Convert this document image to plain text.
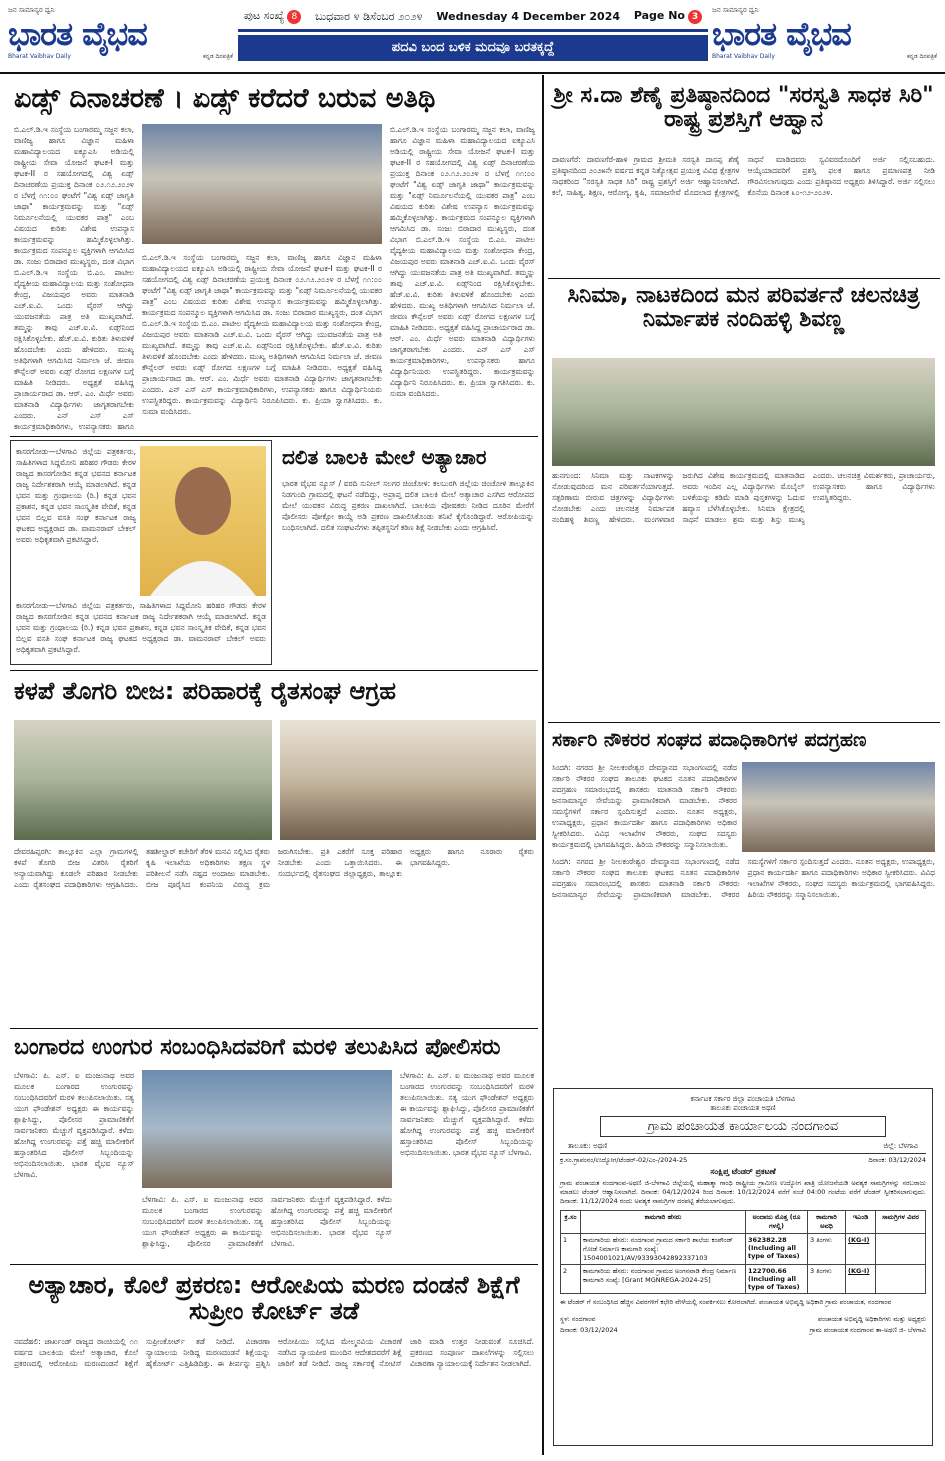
ಜನ ಸಾಮಾನ್ಯರ ಧ್ವನಿ
ಭಾರತ ವೈಭವ
Bharat Vaibhav Daily	ಕನ್ನಡ ದಿನಪತ್ರಿಕೆ
ಪುಟ ಸಂಖ್ಯೆ 8	ಬುಧವಾರ ೪ ಡಿಸೆಂಬರ ೨೦೨೪ Wednesday 4 December 2024 Page No 3
ಪದವಿ ಬಂದ ಬಳಿಕ ಮದವೂ ಬರತಕ್ಕದ್ದೆ
ಜನ ಸಾಮಾನ್ಯರ ಧ್ವನಿ
ಭಾರತ ವೈಭವ
Bharat Vaibhav Daily	ಕನ್ನಡ ದಿನಪತ್ರಿಕೆ
ಏಡ್ಸ್ ದಿನಾಚರಣೆ । ಏಡ್ಸ್ ಕರೆದರೆ ಬರುವ ಅತಿಥಿ
ಬಿ.ಎಲ್.ಡಿ.ಇ ಸಂಸ್ಥೆಯ ಬಂಗಾರಮ್ಮ ಸಜ್ಜನ ಕಲಾ, ವಾಣಿಜ್ಯ ಹಾಗೂ ವಿಜ್ಞಾನ ಮಹಿಳಾ ಮಹಾವಿದ್ಯಾಲಯದ ಐಕ್ಯೂಎಸಿ ಅಡಿಯಲ್ಲಿ ರಾಷ್ಟ್ರೀಯ ಸೇವಾ ಯೋಜನೆ ಘಟಕ-I ಮತ್ತು ಘಟಕ-II ರ ಸಹಯೋಗದಲ್ಲಿ ವಿಶ್ವ ಏಡ್ಸ್ ದಿನಾಚರಣೆಯ ಪ್ರಯುಕ್ತ ದಿನಾಂಕ ೦೨.೧೨.೨೦೨೪ ರ ಬೆಳಗ್ಗೆ ೧೧:೦೦ ಘಂಟೆಗೆ "ವಿಶ್ವ ಏಡ್ಸ್ ಜಾಗೃತಿ ಜಾಥಾ" ಕಾರ್ಯಕ್ರಮವನ್ನು ಮತ್ತು "ಏಡ್ಸ್ ನಿರ್ಮೂಲನೆಯಲ್ಲಿ ಯುವಕರ ಪಾತ್ರ" ಎಂಬ ವಿಷಯದ ಕುರಿತು ವಿಶೇಷ ಉಪನ್ಯಾಸ ಕಾರ್ಯಕ್ರಮವನ್ನು ಹಮ್ಮಿಕೊಳ್ಳಲಾಗಿತ್ತು. ಕಾರ್ಯಕ್ರಮದ ಸಂಪನ್ಮೂಲ ವ್ಯಕ್ತಿಗಳಾಗಿ ಆಗಮಿಸಿದ ಡಾ. ಸಂಜು ಬಿರಾದಾರ ಮುಖ್ಯಸ್ಥರು, ದಂತ ವಿಭಾಗ ಬಿ.ಎಲ್.ಡಿ.ಇ ಸಂಸ್ಥೆಯ ಬಿ.ಎಂ. ಪಾಟೀಲ ವೈದ್ಯಕೀಯ ಮಹಾವಿದ್ಯಾಲಯ ಮತ್ತು ಸಂಶೋಧನಾ ಕೇಂದ್ರ, ವಿಜಯಪುರ ಅವರು ಮಾತನಾಡಿ ಎಚ್.ಐ.ವಿ. ಒಂದು ವೈರಸ್ ಆಗಿದ್ದು ಯುವಜನತೆಯ ಪಾತ್ರ ಅತಿ ಮುಖ್ಯವಾಗಿದೆ. ತಮ್ಮನ್ನು ತಾವು ಎಚ್.ಐ.ವಿ. ಏಡ್ಸ್‌ನಿಂದ ರಕ್ಷಿಸಿಕೊಳ್ಳಬೇಕು. ಹೆಚ್.ಐ.ವಿ. ಕುರಿತು ತಿಳುವಳಿಕೆ ಹೊಂದಬೇಕು ಎಂದು ಹೇಳಿದರು. ಮುಖ್ಯ ಅತಿಥಿಗಳಾಗಿ ಆಗಮಿಸಿದ ನಿರ್ಮಲಾ ಜೆ. ಜೀವಣ ಕೌನ್ಸೆಲರ್ ಅವರು ಏಡ್ಸ್ ರೋಗದ ಲಕ್ಷಣಗಳ ಬಗ್ಗೆ ಮಾಹಿತಿ ನೀಡಿದರು. ಅಧ್ಯಕ್ಷತೆ ವಹಿಸಿದ್ದ ಪ್ರಾಚಾರ್ಯರಾದ ಡಾ. ಆರ್. ಎಂ. ಮಿರ್ಧೆ ಅವರು ಮಾತನಾಡಿ ವಿದ್ಯಾರ್ಥಿಗಳು ಜಾಗೃತರಾಗಬೇಕು ಎಂದರು. ಎನ್ ಎಸ್ ಎಸ್ ಕಾರ್ಯಕ್ರಮಾಧಿಕಾರಿಗಳು, ಉಪನ್ಯಾಸಕರು ಹಾಗೂ
ಬಿ.ಎಲ್.ಡಿ.ಇ ಸಂಸ್ಥೆಯ ಬಂಗಾರಮ್ಮ ಸಜ್ಜನ ಕಲಾ, ವಾಣಿಜ್ಯ ಹಾಗೂ ವಿಜ್ಞಾನ ಮಹಿಳಾ ಮಹಾವಿದ್ಯಾಲಯದ ಐಕ್ಯೂಎಸಿ ಅಡಿಯಲ್ಲಿ ರಾಷ್ಟ್ರೀಯ ಸೇವಾ ಯೋಜನೆ ಘಟಕ-I ಮತ್ತು ಘಟಕ-II ರ ಸಹಯೋಗದಲ್ಲಿ ವಿಶ್ವ ಏಡ್ಸ್ ದಿನಾಚರಣೆಯ ಪ್ರಯುಕ್ತ ದಿನಾಂಕ ೦೨.೧೨.೨೦೨೪ ರ ಬೆಳಗ್ಗೆ ೧೧:೦೦ ಘಂಟೆಗೆ "ವಿಶ್ವ ಏಡ್ಸ್ ಜಾಗೃತಿ ಜಾಥಾ" ಕಾರ್ಯಕ್ರಮವನ್ನು ಮತ್ತು "ಏಡ್ಸ್ ನಿರ್ಮೂಲನೆಯಲ್ಲಿ ಯುವಕರ ಪಾತ್ರ" ಎಂಬ ವಿಷಯದ ಕುರಿತು ವಿಶೇಷ ಉಪನ್ಯಾಸ ಕಾರ್ಯಕ್ರಮವನ್ನು ಹಮ್ಮಿಕೊಳ್ಳಲಾಗಿತ್ತು. ಕಾರ್ಯಕ್ರಮದ ಸಂಪನ್ಮೂಲ ವ್ಯಕ್ತಿಗಳಾಗಿ ಆಗಮಿಸಿದ ಡಾ. ಸಂಜು ಬಿರಾದಾರ ಮುಖ್ಯಸ್ಥರು, ದಂತ ವಿಭಾಗ ಬಿ.ಎಲ್.ಡಿ.ಇ ಸಂಸ್ಥೆಯ ಬಿ.ಎಂ. ಪಾಟೀಲ ವೈದ್ಯಕೀಯ ಮಹಾವಿದ್ಯಾಲಯ ಮತ್ತು ಸಂಶೋಧನಾ ಕೇಂದ್ರ, ವಿಜಯಪುರ ಅವರು ಮಾತನಾಡಿ ಎಚ್.ಐ.ವಿ. ಒಂದು ವೈರಸ್ ಆಗಿದ್ದು ಯುವಜನತೆಯ ಪಾತ್ರ ಅತಿ ಮುಖ್ಯವಾಗಿದೆ. ತಮ್ಮನ್ನು ತಾವು ಎಚ್.ಐ.ವಿ. ಏಡ್ಸ್‌ನಿಂದ ರಕ್ಷಿಸಿಕೊಳ್ಳಬೇಕು. ಹೆಚ್.ಐ.ವಿ. ಕುರಿತು ತಿಳುವಳಿಕೆ ಹೊಂದಬೇಕು ಎಂದು ಹೇಳಿದರು. ಮುಖ್ಯ ಅತಿಥಿಗಳಾಗಿ ಆಗಮಿಸಿದ ನಿರ್ಮಲಾ ಜೆ. ಜೀವಣ ಕೌನ್ಸೆಲರ್ ಅವರು ಏಡ್ಸ್ ರೋಗದ ಲಕ್ಷಣಗಳ ಬಗ್ಗೆ ಮಾಹಿತಿ ನೀಡಿದರು. ಅಧ್ಯಕ್ಷತೆ ವಹಿಸಿದ್ದ ಪ್ರಾಚಾರ್ಯರಾದ ಡಾ. ಆರ್. ಎಂ. ಮಿರ್ಧೆ ಅವರು ಮಾತನಾಡಿ ವಿದ್ಯಾರ್ಥಿಗಳು ಜಾಗೃತರಾಗಬೇಕು ಎಂದರು. ಎನ್ ಎಸ್ ಎಸ್ ಕಾರ್ಯಕ್ರಮಾಧಿಕಾರಿಗಳು, ಉಪನ್ಯಾಸಕರು ಹಾಗೂ ವಿದ್ಯಾರ್ಥಿನಿಯರು ಉಪಸ್ಥಿತರಿದ್ದರು. ಕಾರ್ಯಕ್ರಮವನ್ನು ವಿದ್ಯಾರ್ಥಿನಿ ನಿರೂಪಿಸಿದರು. ಕು. ಪ್ರಿಯಾ ಸ್ವಾಗತಿಸಿದರು. ಕು. ಸುಮಾ ವಂದಿಸಿದರು.
ಬಿ.ಎಲ್.ಡಿ.ಇ ಸಂಸ್ಥೆಯ ಬಂಗಾರಮ್ಮ ಸಜ್ಜನ ಕಲಾ, ವಾಣಿಜ್ಯ ಹಾಗೂ ವಿಜ್ಞಾನ ಮಹಿಳಾ ಮಹಾವಿದ್ಯಾಲಯದ ಐಕ್ಯೂಎಸಿ ಅಡಿಯಲ್ಲಿ ರಾಷ್ಟ್ರೀಯ ಸೇವಾ ಯೋಜನೆ ಘಟಕ-I ಮತ್ತು ಘಟಕ-II ರ ಸಹಯೋಗದಲ್ಲಿ ವಿಶ್ವ ಏಡ್ಸ್ ದಿನಾಚರಣೆಯ ಪ್ರಯುಕ್ತ ದಿನಾಂಕ ೦೨.೧೨.೨೦೨೪ ರ ಬೆಳಗ್ಗೆ ೧೧:೦೦ ಘಂಟೆಗೆ "ವಿಶ್ವ ಏಡ್ಸ್ ಜಾಗೃತಿ ಜಾಥಾ" ಕಾರ್ಯಕ್ರಮವನ್ನು ಮತ್ತು "ಏಡ್ಸ್ ನಿರ್ಮೂಲನೆಯಲ್ಲಿ ಯುವಕರ ಪಾತ್ರ" ಎಂಬ ವಿಷಯದ ಕುರಿತು ವಿಶೇಷ ಉಪನ್ಯಾಸ ಕಾರ್ಯಕ್ರಮವನ್ನು ಹಮ್ಮಿಕೊಳ್ಳಲಾಗಿತ್ತು. ಕಾರ್ಯಕ್ರಮದ ಸಂಪನ್ಮೂಲ ವ್ಯಕ್ತಿಗಳಾಗಿ ಆಗಮಿಸಿದ ಡಾ. ಸಂಜು ಬಿರಾದಾರ ಮುಖ್ಯಸ್ಥರು, ದಂತ ವಿಭಾಗ ಬಿ.ಎಲ್.ಡಿ.ಇ ಸಂಸ್ಥೆಯ ಬಿ.ಎಂ. ಪಾಟೀಲ ವೈದ್ಯಕೀಯ ಮಹಾವಿದ್ಯಾಲಯ ಮತ್ತು ಸಂಶೋಧನಾ ಕೇಂದ್ರ, ವಿಜಯಪುರ ಅವರು ಮಾತನಾಡಿ ಎಚ್.ಐ.ವಿ. ಒಂದು ವೈರಸ್ ಆಗಿದ್ದು ಯುವಜನತೆಯ ಪಾತ್ರ ಅತಿ ಮುಖ್ಯವಾಗಿದೆ. ತಮ್ಮನ್ನು ತಾವು ಎಚ್.ಐ.ವಿ. ಏಡ್ಸ್‌ನಿಂದ ರಕ್ಷಿಸಿಕೊಳ್ಳಬೇಕು. ಹೆಚ್.ಐ.ವಿ. ಕುರಿತು ತಿಳುವಳಿಕೆ ಹೊಂದಬೇಕು ಎಂದು ಹೇಳಿದರು. ಮುಖ್ಯ ಅತಿಥಿಗಳಾಗಿ ಆಗಮಿಸಿದ ನಿರ್ಮಲಾ ಜೆ. ಜೀವಣ ಕೌನ್ಸೆಲರ್ ಅವರು ಏಡ್ಸ್ ರೋಗದ ಲಕ್ಷಣಗಳ ಬಗ್ಗೆ ಮಾಹಿತಿ ನೀಡಿದರು. ಅಧ್ಯಕ್ಷತೆ ವಹಿಸಿದ್ದ ಪ್ರಾಚಾರ್ಯರಾದ ಡಾ. ಆರ್. ಎಂ. ಮಿರ್ಧೆ ಅವರು ಮಾತನಾಡಿ ವಿದ್ಯಾರ್ಥಿಗಳು ಜಾಗೃತರಾಗಬೇಕು ಎಂದರು. ಎನ್ ಎಸ್ ಎಸ್ ಕಾರ್ಯಕ್ರಮಾಧಿಕಾರಿಗಳು, ಉಪನ್ಯಾಸಕರು ಹಾಗೂ ವಿದ್ಯಾರ್ಥಿನಿಯರು ಉಪಸ್ಥಿತರಿದ್ದರು. ಕಾರ್ಯಕ್ರಮವನ್ನು ವಿದ್ಯಾರ್ಥಿನಿ ನಿರೂಪಿಸಿದರು. ಕು. ಪ್ರಿಯಾ ಸ್ವಾಗತಿಸಿದರು. ಕು. ಸುಮಾ ವಂದಿಸಿದರು.
ಕಾಸರಗೋಡು—ಬೆಳಗಾವಿ ಜಿಲ್ಲೆಯ ಪತ್ರಕರ್ತರು, ಸಾಹಿತಿಗಳಾದ ಸಿದ್ದಮೋನಿ ಹರಿಹರ ಗೌಡರು ಕೇರಳ ರಾಜ್ಯದ ಕಾಸರಗೋಡಿನ ಕನ್ನಡ ಭವನದ ಕರ್ನಾಟಕ ರಾಜ್ಯ ನಿರ್ದೇಶಕರಾಗಿ ಆಯ್ಕೆ ಮಾಡಲಾಗಿದೆ. ಕನ್ನಡ ಭವನ ಮತ್ತು ಗ್ರಂಥಾಲಯ (ರಿ.) ಕನ್ನಡ ಭವನ ಪ್ರಕಾಶನ, ಕನ್ನಡ ಭವನ ಸಾಂಸ್ಕೃತಿಕ ವೇದಿಕೆ, ಕನ್ನಡ ಭವನ ಬಿಲ್ಲವ ವಸತಿ ಸಂಘ ಕರ್ನಾಟಕ ರಾಜ್ಯ ಘಟಕದ ಅಧ್ಯಕ್ಷರಾದ ಡಾ. ವಾಮನರಾವ್ ಬೇಕಲ್ ಅವರು ಅಧಿಕೃತವಾಗಿ ಪ್ರಕಟಿಸಿದ್ದಾರೆ.
ಕಾಸರಗೋಡು—ಬೆಳಗಾವಿ ಜಿಲ್ಲೆಯ ಪತ್ರಕರ್ತರು, ಸಾಹಿತಿಗಳಾದ ಸಿದ್ದಮೋನಿ ಹರಿಹರ ಗೌಡರು ಕೇರಳ ರಾಜ್ಯದ ಕಾಸರಗೋಡಿನ ಕನ್ನಡ ಭವನದ ಕರ್ನಾಟಕ ರಾಜ್ಯ ನಿರ್ದೇಶಕರಾಗಿ ಆಯ್ಕೆ ಮಾಡಲಾಗಿದೆ. ಕನ್ನಡ ಭವನ ಮತ್ತು ಗ್ರಂಥಾಲಯ (ರಿ.) ಕನ್ನಡ ಭವನ ಪ್ರಕಾಶನ, ಕನ್ನಡ ಭವನ ಸಾಂಸ್ಕೃತಿಕ ವೇದಿಕೆ, ಕನ್ನಡ ಭವನ ಬಿಲ್ಲವ ವಸತಿ ಸಂಘ ಕರ್ನಾಟಕ ರಾಜ್ಯ ಘಟಕದ ಅಧ್ಯಕ್ಷರಾದ ಡಾ. ವಾಮನರಾವ್ ಬೇಕಲ್ ಅವರು ಅಧಿಕೃತವಾಗಿ ಪ್ರಕಟಿಸಿದ್ದಾರೆ.
ದಲಿತ ಬಾಲಕಿ ಮೇಲೆ ಅತ್ಯಾಚಾರ
ಭಾರತ ವೈಭವ ನ್ಯೂಸ್ / ವರದಿ ಸುನೀಲ್ ಸಲಗರ ಚಿಂಚೋಳಿ: ಕಲಬುರಗಿ ಜಿಲ್ಲೆಯ ಚಿಂಚೋಳಿ ತಾಲ್ಲೂಕಿನ ನಿಡಗುಂದಿ ಗ್ರಾಮದಲ್ಲಿ ಘಟನೆ ನಡೆದಿದ್ದು, ಅಪ್ರಾಪ್ತ ದಲಿತ ಬಾಲಕಿ ಮೇಲೆ ಅತ್ಯಾಚಾರ ಎಸಗಿದ ಆರೋಪದ ಮೇಲೆ ಯುವಕನ ವಿರುದ್ಧ ಪ್ರಕರಣ ದಾಖಲಾಗಿದೆ. ಬಾಲಕಿಯ ಪೋಷಕರು ನೀಡಿದ ದೂರಿನ ಮೇರೆಗೆ ಪೊಲೀಸರು ಪೋಕ್ಸೋ ಕಾಯ್ದೆ ಅಡಿ ಪ್ರಕರಣ ದಾಖಲಿಸಿಕೊಂಡು ತನಿಖೆ ಕೈಗೊಂಡಿದ್ದಾರೆ. ಆರೋಪಿಯನ್ನು ಬಂಧಿಸಲಾಗಿದೆ. ದಲಿತ ಸಂಘಟನೆಗಳು ತಪ್ಪಿತಸ್ಥನಿಗೆ ಕಠಿಣ ಶಿಕ್ಷೆ ನೀಡಬೇಕು ಎಂದು ಆಗ್ರಹಿಸಿವೆ.
ಕಳಪೆ ತೊಗರಿ ಬೀಜ: ಪರಿಹಾರಕ್ಕೆ ರೈತಸಂಘ ಆಗ್ರಹ
ದೇವರಹಿಪ್ಪರಗಿ: ತಾಲ್ಲೂಕಿನ ಎಲ್ಲಾ ಗ್ರಾಮಗಳಲ್ಲಿ ಕಳಪೆ ತೊಗರಿ ಬೀಜ ವಿತರಿಸಿ ರೈತರಿಗೆ ಅನ್ಯಾಯವಾಗಿದ್ದು ಕೂಡಲೇ ಪರಿಹಾರ ನೀಡಬೇಕು ಎಂದು ರೈತಸಂಘದ ಪದಾಧಿಕಾರಿಗಳು ಆಗ್ರಹಿಸಿದರು. ತಹಶೀಲ್ದಾರ್ ಕಚೇರಿಗೆ ತೆರಳಿ ಮನವಿ ಸಲ್ಲಿಸಿದ ರೈತರು ಕೃಷಿ ಇಲಾಖೆಯ ಅಧಿಕಾರಿಗಳು ತಕ್ಷಣ ಸ್ಥಳ ಪರಿಶೀಲನೆ ನಡೆಸಿ ನಷ್ಟದ ಅಂದಾಜು ಮಾಡಬೇಕು. ಬೀಜ ಪೂರೈಸಿದ ಕಂಪನಿಯ ವಿರುದ್ಧ ಕ್ರಮ ಜರುಗಿಸಬೇಕು. ಪ್ರತಿ ಎಕರೆಗೆ ಸೂಕ್ತ ಪರಿಹಾರ ನೀಡಬೇಕು ಎಂದು ಒತ್ತಾಯಿಸಿದರು. ಈ ಸಂದರ್ಭದಲ್ಲಿ ರೈತಸಂಘದ ಜಿಲ್ಲಾಧ್ಯಕ್ಷರು, ತಾಲ್ಲೂಕು ಅಧ್ಯಕ್ಷರು ಹಾಗೂ ನೂರಾರು ರೈತರು ಭಾಗವಹಿಸಿದ್ದರು.
ಬಂಗಾರದ ಉಂಗುರ ಸಂಬಂಧಿಸಿದವರಿಗೆ ಮರಳಿ ತಲುಪಿಸಿದ ಪೋಲಿಸರು
ಬೆಳಗಾವಿ: ಪಿ. ಎಸ್. ಐ ಮಂಜುನಾಥ ಅವರ ಮೂಲಕ ಬಂಗಾರದ ಉಂಗುರವನ್ನು ಸಂಬಂಧಿಸಿದವರಿಗೆ ಮರಳಿ ತಲುಪಿಸಲಾಯಿತು. ಸತ್ಯ ಯುಗ ಫೌಂಡೇಶನ್ ಅಧ್ಯಕ್ಷರು ಈ ಕಾರ್ಯವನ್ನು ಶ್ಲಾಘಿಸಿದ್ದು, ಪೊಲೀಸರ ಪ್ರಾಮಾಣಿಕತೆಗೆ ಸಾರ್ವಜನಿಕರು ಮೆಚ್ಚುಗೆ ವ್ಯಕ್ತಪಡಿಸಿದ್ದಾರೆ. ಕಳೆದು ಹೋಗಿದ್ದ ಉಂಗುರವನ್ನು ಪತ್ತೆ ಹಚ್ಚಿ ಮಾಲೀಕರಿಗೆ ಹಸ್ತಾಂತರಿಸಿದ ಪೊಲೀಸ್ ಸಿಬ್ಬಂದಿಯನ್ನು ಅಭಿನಂದಿಸಲಾಯಿತು. ಭಾರತ ವೈಭವ ನ್ಯೂಸ್ ಬೆಳಗಾವಿ.
ಬೆಳಗಾವಿ: ಪಿ. ಎಸ್. ಐ ಮಂಜುನಾಥ ಅವರ ಮೂಲಕ ಬಂಗಾರದ ಉಂಗುರವನ್ನು ಸಂಬಂಧಿಸಿದವರಿಗೆ ಮರಳಿ ತಲುಪಿಸಲಾಯಿತು. ಸತ್ಯ ಯುಗ ಫೌಂಡೇಶನ್ ಅಧ್ಯಕ್ಷರು ಈ ಕಾರ್ಯವನ್ನು ಶ್ಲಾಘಿಸಿದ್ದು, ಪೊಲೀಸರ ಪ್ರಾಮಾಣಿಕತೆಗೆ ಸಾರ್ವಜನಿಕರು ಮೆಚ್ಚುಗೆ ವ್ಯಕ್ತಪಡಿಸಿದ್ದಾರೆ. ಕಳೆದು ಹೋಗಿದ್ದ ಉಂಗುರವನ್ನು ಪತ್ತೆ ಹಚ್ಚಿ ಮಾಲೀಕರಿಗೆ ಹಸ್ತಾಂತರಿಸಿದ ಪೊಲೀಸ್ ಸಿಬ್ಬಂದಿಯನ್ನು ಅಭಿನಂದಿಸಲಾಯಿತು. ಭಾರತ ವೈಭವ ನ್ಯೂಸ್ ಬೆಳಗಾವಿ.
ಬೆಳಗಾವಿ: ಪಿ. ಎಸ್. ಐ ಮಂಜುನಾಥ ಅವರ ಮೂಲಕ ಬಂಗಾರದ ಉಂಗುರವನ್ನು ಸಂಬಂಧಿಸಿದವರಿಗೆ ಮರಳಿ ತಲುಪಿಸಲಾಯಿತು. ಸತ್ಯ ಯುಗ ಫೌಂಡೇಶನ್ ಅಧ್ಯಕ್ಷರು ಈ ಕಾರ್ಯವನ್ನು ಶ್ಲಾಘಿಸಿದ್ದು, ಪೊಲೀಸರ ಪ್ರಾಮಾಣಿಕತೆಗೆ ಸಾರ್ವಜನಿಕರು ಮೆಚ್ಚುಗೆ ವ್ಯಕ್ತಪಡಿಸಿದ್ದಾರೆ. ಕಳೆದು ಹೋಗಿದ್ದ ಉಂಗುರವನ್ನು ಪತ್ತೆ ಹಚ್ಚಿ ಮಾಲೀಕರಿಗೆ ಹಸ್ತಾಂತರಿಸಿದ ಪೊಲೀಸ್ ಸಿಬ್ಬಂದಿಯನ್ನು ಅಭಿನಂದಿಸಲಾಯಿತು. ಭಾರತ ವೈಭವ ನ್ಯೂಸ್ ಬೆಳಗಾವಿ.
ಅತ್ಯಾಚಾರ, ಕೊಲೆ ಪ್ರಕರಣ: ಆರೋಪಿಯ ಮರಣ ದಂಡನೆ ಶಿಕ್ಷೆಗೆ ಸುಪ್ರೀಂ ಕೋರ್ಟ್ ತಡೆ
ನವದೆಹಲಿ: ಜಾರ್ಖಂಡ್ ರಾಜ್ಯದ ರಾಂಚಿಯಲ್ಲಿ ೧೧ ವರ್ಷದ ಬಾಲಕಿಯ ಮೇಲೆ ಅತ್ಯಾಚಾರ, ಕೊಲೆ ಪ್ರಕರಣದಲ್ಲಿ ಆರೋಪಿಯ ಮರಣದಂಡನೆ ಶಿಕ್ಷೆಗೆ ಸುಪ್ರೀಂಕೋರ್ಟ್ ತಡೆ ನೀಡಿದೆ. ವಿಚಾರಣಾ ನ್ಯಾಯಾಲಯ ನೀಡಿದ್ದ ಮರಣದಂಡನೆ ಶಿಕ್ಷೆಯನ್ನು ಹೈಕೋರ್ಟ್ ಎತ್ತಿಹಿಡಿದಿತ್ತು. ಈ ತೀರ್ಪನ್ನು ಪ್ರಶ್ನಿಸಿ ಆರೋಪಿಯು ಸಲ್ಲಿಸಿದ ಮೇಲ್ಮನವಿಯ ವಿಚಾರಣೆ ನಡೆಸಿದ ನ್ಯಾಯಪೀಠ ಮುಂದಿನ ಆದೇಶದವರೆಗೆ ಶಿಕ್ಷೆ ಜಾರಿಗೆ ತಡೆ ನೀಡಿದೆ. ರಾಜ್ಯ ಸರ್ಕಾರಕ್ಕೆ ನೋಟಿಸ್ ಜಾರಿ ಮಾಡಿ ಉತ್ತರ ನೀಡುವಂತೆ ಸೂಚಿಸಿದೆ. ಪ್ರಕರಣದ ಸಂಪೂರ್ಣ ದಾಖಲೆಗಳನ್ನು ಸಲ್ಲಿಸಲು ವಿಚಾರಣಾ ನ್ಯಾಯಾಲಯಕ್ಕೆ ನಿರ್ದೇಶನ ನೀಡಲಾಗಿದೆ.
ಶ್ರೀ ಸ.ದಾ ಶೆಣೈ ಪ್ರತಿಷ್ಠಾನದಿಂದ "ಸರಸ್ವತಿ ಸಾಧಕ ಸಿರಿ" ರಾಷ್ಟ್ರ ಪ್ರಶಸ್ತಿಗೆ ಆಹ್ವಾನ
ದಾವಣಗೆರೆ: ದಾವಣಗೆರೆ-ಹಾಳಿ ಗ್ರಾಮದ ಶ್ರೀಮತಿ ಸರಸ್ವತಿ ದಾಸಪ್ಪ ಶೆಣೈ ಪ್ರತಿಷ್ಠಾನದಿಂದ ೨೦೨೫ನೇ ವರ್ಷದ ಕನ್ನಡ ನಿತ್ಯೋತ್ಸವ ಪ್ರಯುಕ್ತ ವಿವಿಧ ಕ್ಷೇತ್ರಗಳ ಸಾಧಕರಿಂದ "ಸರಸ್ವತಿ ಸಾಧಕ ಸಿರಿ" ರಾಷ್ಟ್ರ ಪ್ರಶಸ್ತಿಗೆ ಅರ್ಜಿ ಆಹ್ವಾನಿಸಲಾಗಿದೆ. ಕಲೆ, ಸಾಹಿತ್ಯ, ಶಿಕ್ಷಣ, ಆರೋಗ್ಯ, ಕೃಷಿ, ಸಮಾಜಸೇವೆ ಮೊದಲಾದ ಕ್ಷೇತ್ರಗಳಲ್ಲಿ ಸಾಧನೆ ಮಾಡಿದವರು ಸ್ವವಿವರದೊಂದಿಗೆ ಅರ್ಜಿ ಸಲ್ಲಿಸಬಹುದು. ಆಯ್ಕೆಯಾದವರಿಗೆ ಪ್ರಶಸ್ತಿ ಫಲಕ ಹಾಗೂ ಪ್ರಮಾಣಪತ್ರ ನೀಡಿ ಗೌರವಿಸಲಾಗುವುದು ಎಂದು ಪ್ರತಿಷ್ಠಾನದ ಅಧ್ಯಕ್ಷರು ತಿಳಿಸಿದ್ದಾರೆ. ಅರ್ಜಿ ಸಲ್ಲಿಸಲು ಕೊನೆಯ ದಿನಾಂಕ ೩೦-೧೨-೨೦೨೪.
ಸಿನಿಮಾ, ನಾಟಕದಿಂದ ಮನ ಪರಿವರ್ತನೆ ಚಲನಚಿತ್ರ ನಿರ್ಮಾಪಕ ನಂದಿಹಳ್ಳಿ ಶಿವಣ್ಣ
ಹುನಗುಂದ: ಸಿನಿಮಾ ಮತ್ತು ನಾಟಕಗಳನ್ನು ನೋಡುವುದರಿಂದ ಮನ ಪರಿವರ್ತನೆಯಾಗುತ್ತದೆ. ಸತ್ಪರಿಣಾಮ ಬೀರುವ ಚಿತ್ರಗಳನ್ನು ವಿದ್ಯಾರ್ಥಿಗಳು ನೋಡಬೇಕು ಎಂದು ಚಲನಚಿತ್ರ ನಿರ್ಮಾಪಕ ನಂದಿಹಳ್ಳಿ ಶಿವಣ್ಣ ಹೇಳಿದರು. ಮಂಗಳವಾರ ಜರುಗಿದ ವಿಶೇಷ ಕಾರ್ಯಕ್ರಮದಲ್ಲಿ ಮಾತನಾಡಿದ ಅವರು ಇಂದಿನ ಎಲ್ಲ ವಿದ್ಯಾರ್ಥಿಗಳು ಮೊಬೈಲ್ ಬಳಕೆಯನ್ನು ಕಡಿಮೆ ಮಾಡಿ ಪುಸ್ತಕಗಳನ್ನು ಓದುವ ಹವ್ಯಾಸ ಬೆಳೆಸಿಕೊಳ್ಳಬೇಕು. ಸಿನಿಮಾ ಕ್ಷೇತ್ರದಲ್ಲಿ ಸಾಧನೆ ಮಾಡಲು ಶ್ರಮ ಮತ್ತು ಶಿಸ್ತು ಮುಖ್ಯ ಎಂದರು. ಚಲನಚಿತ್ರ ವಿಮರ್ಶಕರು, ಪ್ರಾಚಾರ್ಯರು, ಉಪನ್ಯಾಸಕರು ಹಾಗೂ ವಿದ್ಯಾರ್ಥಿಗಳು ಉಪಸ್ಥಿತರಿದ್ದರು.
ಸರ್ಕಾರಿ ನೌಕರರ ಸಂಘದ ಪದಾಧಿಕಾರಿಗಳ ಪದಗ್ರಹಣ
ಸಿಂದಗಿ: ನಗರದ ಶ್ರೀ ನೀಲಕಂಠೇಶ್ವರ ದೇವಸ್ಥಾನದ ಸಭಾಂಗಣದಲ್ಲಿ ನಡೆದ ಸರ್ಕಾರಿ ನೌಕರರ ಸಂಘದ ತಾಲೂಕು ಘಟಕದ ನೂತನ ಪದಾಧಿಕಾರಿಗಳ ಪದಗ್ರಹಣ ಸಮಾರಂಭದಲ್ಲಿ ಶಾಸಕರು ಮಾತನಾಡಿ ಸರ್ಕಾರಿ ನೌಕರರು ಜನಸಾಮಾನ್ಯರ ಸೇವೆಯನ್ನು ಪ್ರಾಮಾಣಿಕವಾಗಿ ಮಾಡಬೇಕು. ನೌಕರರ ಸಮಸ್ಯೆಗಳಿಗೆ ಸರ್ಕಾರ ಸ್ಪಂದಿಸುತ್ತದೆ ಎಂದರು. ನೂತನ ಅಧ್ಯಕ್ಷರು, ಉಪಾಧ್ಯಕ್ಷರು, ಪ್ರಧಾನ ಕಾರ್ಯದರ್ಶಿ ಹಾಗೂ ಪದಾಧಿಕಾರಿಗಳು ಅಧಿಕಾರ ಸ್ವೀಕರಿಸಿದರು. ವಿವಿಧ ಇಲಾಖೆಗಳ ನೌಕರರು, ಸಂಘದ ಸದಸ್ಯರು ಕಾರ್ಯಕ್ರಮದಲ್ಲಿ ಭಾಗವಹಿಸಿದ್ದರು. ಹಿರಿಯ ನೌಕರರನ್ನು ಸನ್ಮಾನಿಸಲಾಯಿತು.
ಸಿಂದಗಿ: ನಗರದ ಶ್ರೀ ನೀಲಕಂಠೇಶ್ವರ ದೇವಸ್ಥಾನದ ಸಭಾಂಗಣದಲ್ಲಿ ನಡೆದ ಸರ್ಕಾರಿ ನೌಕರರ ಸಂಘದ ತಾಲೂಕು ಘಟಕದ ನೂತನ ಪದಾಧಿಕಾರಿಗಳ ಪದಗ್ರಹಣ ಸಮಾರಂಭದಲ್ಲಿ ಶಾಸಕರು ಮಾತನಾಡಿ ಸರ್ಕಾರಿ ನೌಕರರು ಜನಸಾಮಾನ್ಯರ ಸೇವೆಯನ್ನು ಪ್ರಾಮಾಣಿಕವಾಗಿ ಮಾಡಬೇಕು. ನೌಕರರ ಸಮಸ್ಯೆಗಳಿಗೆ ಸರ್ಕಾರ ಸ್ಪಂದಿಸುತ್ತದೆ ಎಂದರು. ನೂತನ ಅಧ್ಯಕ್ಷರು, ಉಪಾಧ್ಯಕ್ಷರು, ಪ್ರಧಾನ ಕಾರ್ಯದರ್ಶಿ ಹಾಗೂ ಪದಾಧಿಕಾರಿಗಳು ಅಧಿಕಾರ ಸ್ವೀಕರಿಸಿದರು. ವಿವಿಧ ಇಲಾಖೆಗಳ ನೌಕರರು, ಸಂಘದ ಸದಸ್ಯರು ಕಾರ್ಯಕ್ರಮದಲ್ಲಿ ಭಾಗವಹಿಸಿದ್ದರು. ಹಿರಿಯ ನೌಕರರನ್ನು ಸನ್ಮಾನಿಸಲಾಯಿತು.
ಕರ್ನಾಟಕ ಸರ್ಕಾರ ಜಿಲ್ಲಾ ಪಂಚಾಯತಿ ಬೆಳಗಾವಿ
ತಾಲೂಕು ಪಂಚಾಯತ ಅಥಣಿ
ಗ್ರಾಮ ಪಂಚಾಯತ ಕಾರ್ಯಾಲಯ ನಂದಗಾಂವ
ತಾಲೂಕು: ಅಥಣಿ	ಜಿಲ್ಲೆ: ಬೆಳಗಾವಿ
ಕ್ರ.ಸಂ.ಗ್ರಾಪಂನಂ/ಉದ್ಯೋಗ/ಟೆಂಡರ್-02/ಎಂ-/2024-25	ದಿನಾಂಕ: 03/12/2024
ಸಂಕ್ಷಿಪ್ತ ಟೆಂಡರ್ ಪ್ರಕಟಣೆ
ಗ್ರಾಮ ಪಂಚಾಯತ ನಂದಗಾಂವ-ಅಥಣಿ ಜಿ-ಬೆಳಗಾವಿ ಜಿಲ್ಲೆಯಲ್ಲಿ ಮಹಾತ್ಮಾ ಗಾಂಧಿ ರಾಷ್ಟ್ರೀಯ ಗ್ರಾಮೀಣ ಉದ್ಯೋಗ ಖಾತ್ರಿ ಯೋಜನೆಯಡಿ ಅವಶ್ಯಕ ಸಾಮಗ್ರಿಗಳನ್ನು ಸರಬರಾಜು ಮಾಡಲು ಟೆಂಡರ್ ಆಹ್ವಾನಿಸಲಾಗಿದೆ. ದಿನಾಂಕ: 04/12/2024 ರಿಂದ ದಿನಾಂಕ: 10/12/2024 ವರೆಗೆ ಸಂಜೆ 04:00 ಗಂಟೆಯ ವರೆಗೆ ಟೆಂಡರ್ ಸ್ವೀಕರಿಸಲಾಗುವುದು. ದಿನಾಂಕ: 11/12/2024 ರಂದು ಅವಶ್ಯಕ ಸಾಮಗ್ರಿಗಳ ದರಪಟ್ಟಿ ತೆರೆಯಲಾಗುವುದು.
ಕ್ರ.ಸಂ	ಕಾಮಗಾರಿ ಹೆಸರು	ಅಂದಾಜು ಮೊತ್ತ (ರೂ ಗಳಲ್ಲಿ)	ಕಾಮಗಾರಿ ಅವಧಿ	ಇಎಂಡಿ	ಸಾಮಗ್ರಿಗಳ ವಿವರ
1	ಕಾಮಗಾರಿಯ ಹೆಸರು: ನಂದಗಾಂವ ಗ್ರಾಮದ ಸರ್ಕಾರಿ ಶಾಲೆಯ ಕಂಪೌಂಡ್ ಗೋಡೆ ನಿರ್ಮಾಣ ಕಾಮಗಾರಿ ಸಂಖ್ಯೆ: 1504001021/AV/93393042892337103	362382.28 (Including all type of Taxes)	3 ತಿಂಗಳು	(KG-I)	
2	ಕಾಮಗಾರಿಯ ಹೆಸರು: ನಂದಗಾಂವ ಗ್ರಾಮದ ಅಂಗನವಾಡಿ ಕೇಂದ್ರ ನಿರ್ಮಾಣ ಕಾಮಗಾರಿ ಸಂಖ್ಯೆ: [Grant MGNREGA-2024-25]	122700.66 (Including all type of Taxes)	3 ತಿಂಗಳು	(KG-I)	
ಈ ಟೆಂಡರ್ ಗೆ ಸಂಬಂಧಿಸಿದ ಹೆಚ್ಚಿನ ವಿವರಗಳಿಗೆ ಕಛೇರಿ ವೇಳೆಯಲ್ಲಿ ಸಂಪರ್ಕಿಸಲು ಕೋರಲಾಗಿದೆ. ಪಂಚಾಯತ ಅಭಿವೃದ್ಧಿ ಅಧಿಕಾರಿ ಗ್ರಾಮ ಪಂಚಾಯತ, ನಂದಗಾಂವ
ಸ್ಥಳ: ನಂದಗಾಂವ	ಪಂಚಾಯತ ಅಭಿವೃದ್ಧಿ ಅಧಿಕಾರಿಗಳು ಮತ್ತು ಅಧ್ಯಕ್ಷರು
ದಿನಾಂಕ: 03/12/2024	ಗ್ರಾಮ ಪಂಚಾಯತ ನಂದಗಾಂವ ತಾ-ಅಥಣಿ ಜಿ- ಬೆಳಗಾವಿ
